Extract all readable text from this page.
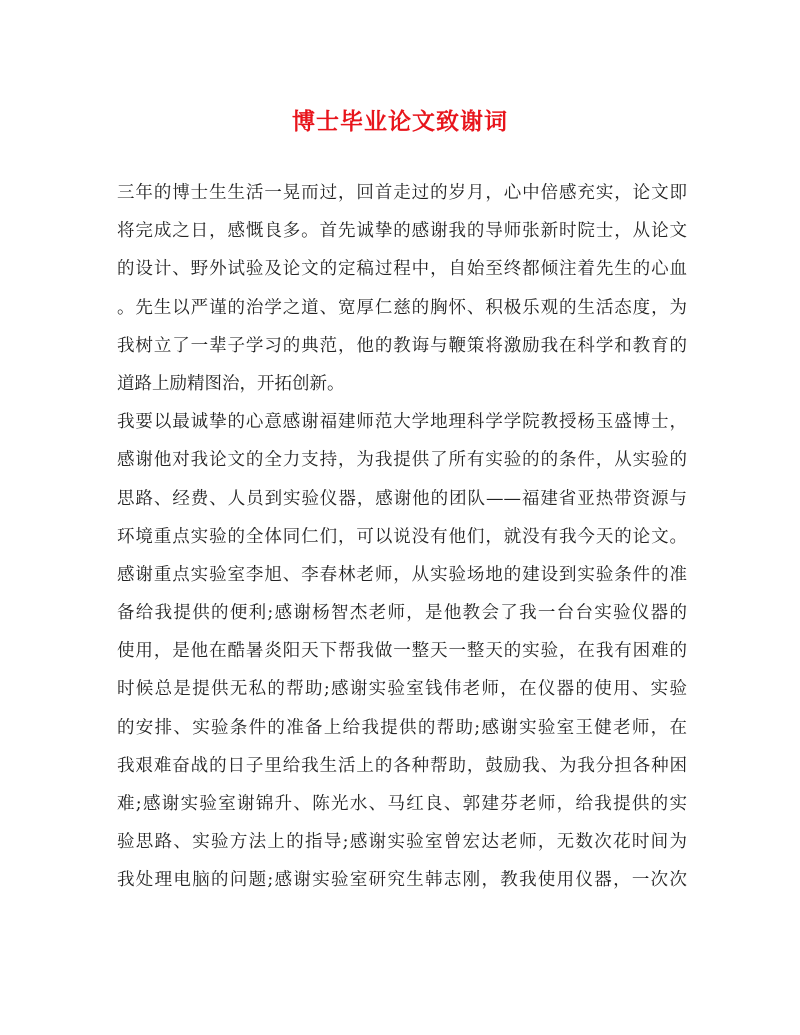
博士毕业论文致谢词
三年的博士生生活一晃而过，回首走过的岁月，心中倍感充实，论文即
将完成之日，感慨良多。首先诚挚的感谢我的导师张新时院士，从论文
的设计、野外试验及论文的定稿过程中，自始至终都倾注着先生的心血
。先生以严谨的治学之道、宽厚仁慈的胸怀、积极乐观的生活态度，为
我树立了一辈子学习的典范，他的教诲与鞭策将激励我在科学和教育的
道路上励精图治，开拓创新。
我要以最诚挚的心意感谢福建师范大学地理科学学院教授杨玉盛博士，
感谢他对我论文的全力支持，为我提供了所有实验的的条件，从实验的
思路、经费、人员到实验仪器，感谢他的团队——福建省亚热带资源与
环境重点实验的全体同仁们，可以说没有他们，就没有我今天的论文。
感谢重点实验室李旭、李春林老师，从实验场地的建设到实验条件的准
备给我提供的便利;感谢杨智杰老师，是他教会了我一台台实验仪器的
使用，是他在酷暑炎阳天下帮我做一整天一整天的实验，在我有困难的
时候总是提供无私的帮助;感谢实验室钱伟老师，在仪器的使用、实验
的安排、实验条件的准备上给我提供的帮助;感谢实验室王健老师，在
我艰难奋战的日子里给我生活上的各种帮助，鼓励我、为我分担各种困
难;感谢实验室谢锦升、陈光水、马红良、郭建芬老师，给我提供的实
验思路、实验方法上的指导;感谢实验室曾宏达老师，无数次花时间为
我处理电脑的问题;感谢实验室研究生韩志刚，教我使用仪器，一次次
